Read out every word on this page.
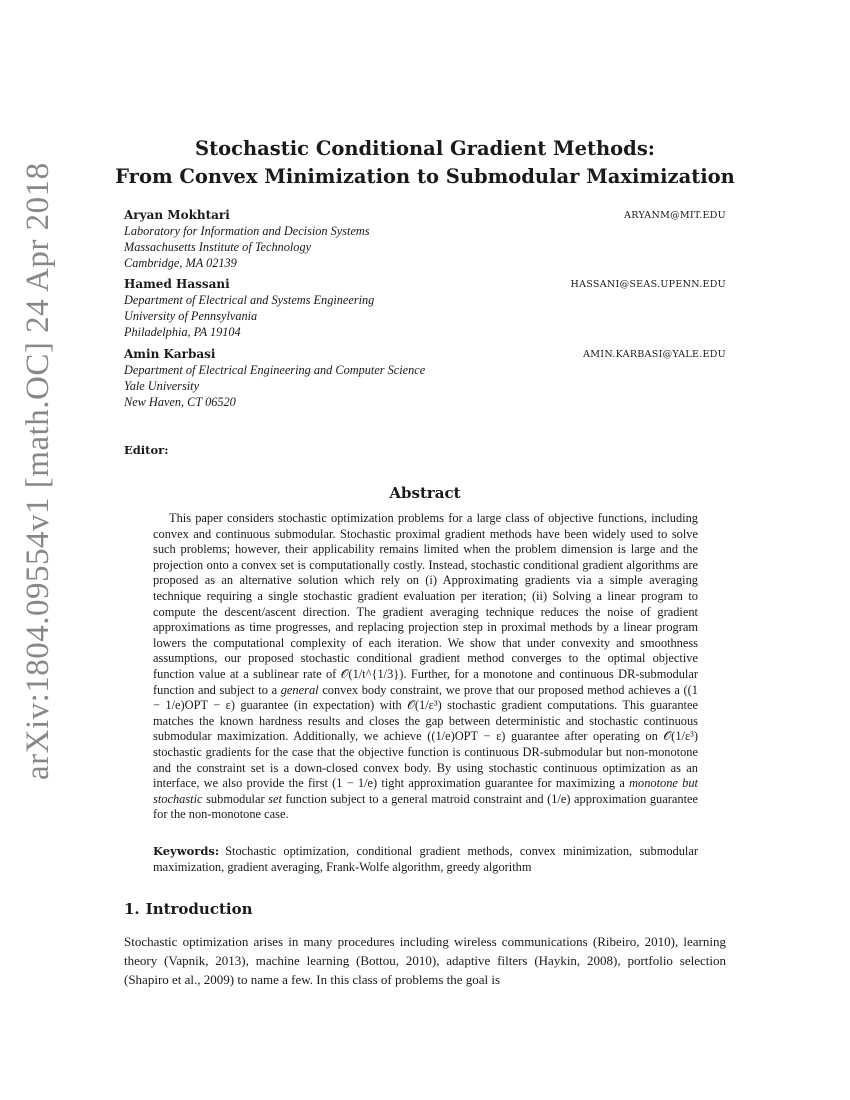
arXiv:1804.09554v1 [math.OC] 24 Apr 2018
Stochastic Conditional Gradient Methods:
From Convex Minimization to Submodular Maximization
Aryan Mokhtari	ARYANM@MIT.EDU
Laboratory for Information and Decision Systems
Massachusetts Institute of Technology
Cambridge, MA 02139
Hamed Hassani	HASSANI@SEAS.UPENN.EDU
Department of Electrical and Systems Engineering
University of Pennsylvania
Philadelphia, PA 19104
Amin Karbasi	AMIN.KARBASI@YALE.EDU
Department of Electrical Engineering and Computer Science
Yale University
New Haven, CT 06520
Editor:
Abstract

This paper considers stochastic optimization problems for a large class of objective functions, including convex and continuous submodular. Stochastic proximal gradient methods have been widely used to solve such problems; however, their applicability remains limited when the problem dimension is large and the projection onto a convex set is computationally costly. Instead, stochastic conditional gradient algorithms are proposed as an alternative solution which rely on (i) Approximating gradients via a simple averaging technique requiring a single stochastic gradient evaluation per iteration; (ii) Solving a linear program to compute the descent/ascent direction. The gradient averaging technique reduces the noise of gradient approximations as time progresses, and replacing projection step in proximal methods by a linear program lowers the computational complexity of each iteration. We show that under convexity and smoothness assumptions, our proposed stochastic conditional gradient method converges to the optimal objective function value at a sublinear rate of 𝒪(1/t^{1/3}). Further, for a monotone and continuous DR-submodular function and subject to a general convex body constraint, we prove that our proposed method achieves a ((1 − 1/e)OPT − ε) guarantee (in expectation) with 𝒪(1/ε³) stochastic gradient computations. This guarantee matches the known hardness results and closes the gap between deterministic and stochastic continuous submodular maximization. Additionally, we achieve ((1/e)OPT − ε) guarantee after operating on 𝒪(1/ε³) stochastic gradients for the case that the objective function is continuous DR-submodular but non-monotone and the constraint set is a down-closed convex body. By using stochastic continuous optimization as an interface, we also provide the first (1 − 1/e) tight approximation guarantee for maximizing a monotone but stochastic submodular set function subject to a general matroid constraint and (1/e) approximation guarantee for the non-monotone case.

Keywords: Stochastic optimization, conditional gradient methods, convex minimization, submodular maximization, gradient averaging, Frank-Wolfe algorithm, greedy algorithm
1. Introduction

Stochastic optimization arises in many procedures including wireless communications (Ribeiro, 2010), learning theory (Vapnik, 2013), machine learning (Bottou, 2010), adaptive filters (Haykin, 2008), portfolio selection (Shapiro et al., 2009) to name a few. In this class of problems the goal is
